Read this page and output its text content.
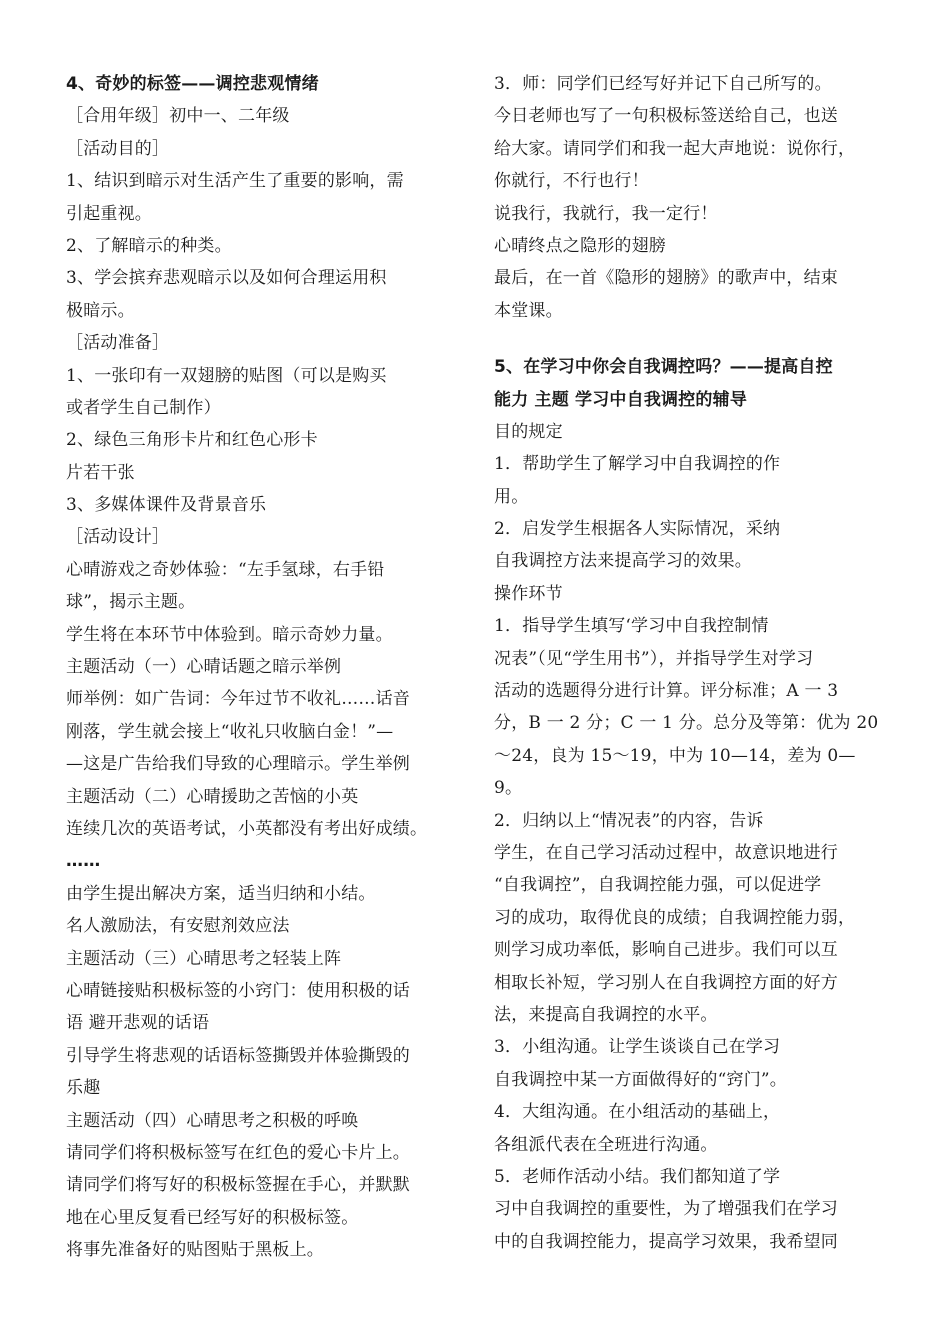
4、奇妙的标签——调控悲观情绪
［合用年级］初中一、二年级
［活动目的］
1、结识到暗示对生活产生了重要的影响，需
引起重视。
2、了解暗示的种类。
3、学会摈弃悲观暗示以及如何合理运用积
极暗示。
［活动准备］
1、一张印有一双翅膀的贴图（可以是购买
或者学生自己制作）
2、绿色三角形卡片和红色心形卡
片若干张
3、多媒体课件及背景音乐
［活动设计］
心晴游戏之奇妙体验：“左手氢球，右手铅
球”，揭示主题。
学生将在本环节中体验到。暗示奇妙力量。
主题活动（一）心晴话题之暗示举例
师举例：如广告词：今年过节不收礼……话音
刚落，学生就会接上“收礼只收脑白金！”—
—这是广告给我们导致的心理暗示。学生举例
主题活动（二）心晴援助之苦恼的小英
连续几次的英语考试，小英都没有考出好成绩。
……
由学生提出解决方案，适当归纳和小结。
名人激励法，有安慰剂效应法
主题活动（三）心晴思考之轻装上阵
心晴链接贴积极标签的小窍门：使用积极的话
语 避开悲观的话语
引导学生将悲观的话语标签撕毁并体验撕毁的
乐趣
主题活动（四）心晴思考之积极的呼唤
请同学们将积极标签写在红色的爱心卡片上。
请同学们将写好的积极标签握在手心，并默默
地在心里反复看已经写好的积极标签。
将事先准备好的贴图贴于黑板上。
3．师：同学们已经写好并记下自己所写的。
今日老师也写了一句积极标签送给自己，也送
给大家。请同学们和我一起大声地说：说你行，
你就行，不行也行！
说我行，我就行，我一定行！
心晴终点之隐形的翅膀
最后，在一首《隐形的翅膀》的歌声中，结束
本堂课。
5、在学习中你会自我调控吗？——提高自控
能力 主题 学习中自我调控的辅导
目的规定
1．帮助学生了解学习中自我调控的作
用。
2．启发学生根据各人实际情况，采纳
自我调控方法来提高学习的效果。
操作环节
1．指导学生填写‘学习中自我控制情
况表”（见“学生用书”），并指导学生对学习
活动的选题得分进行计算。评分标准；A 一 3
分，B 一 2 分；C 一 1 分。总分及等第：优为 20
～24，良为 15～19，中为 10—14，差为 0—
9。
2．归纳以上“情况表”的内容，告诉
学生，在自己学习活动过程中，故意识地进行
“自我调控”，自我调控能力强，可以促进学
习的成功，取得优良的成绩；自我调控能力弱，
则学习成功率低，影响自己进步。我们可以互
相取长补短，学习别人在自我调控方面的好方
法，来提高自我调控的水平。
3．小组沟通。让学生谈谈自己在学习
自我调控中某一方面做得好的“窍门”。
4．大组沟通。在小组活动的基础上，
各组派代表在全班进行沟通。
5．老师作活动小结。我们都知道了学
习中自我调控的重要性，为了增强我们在学习
中的自我调控能力，提高学习效果，我希望同
